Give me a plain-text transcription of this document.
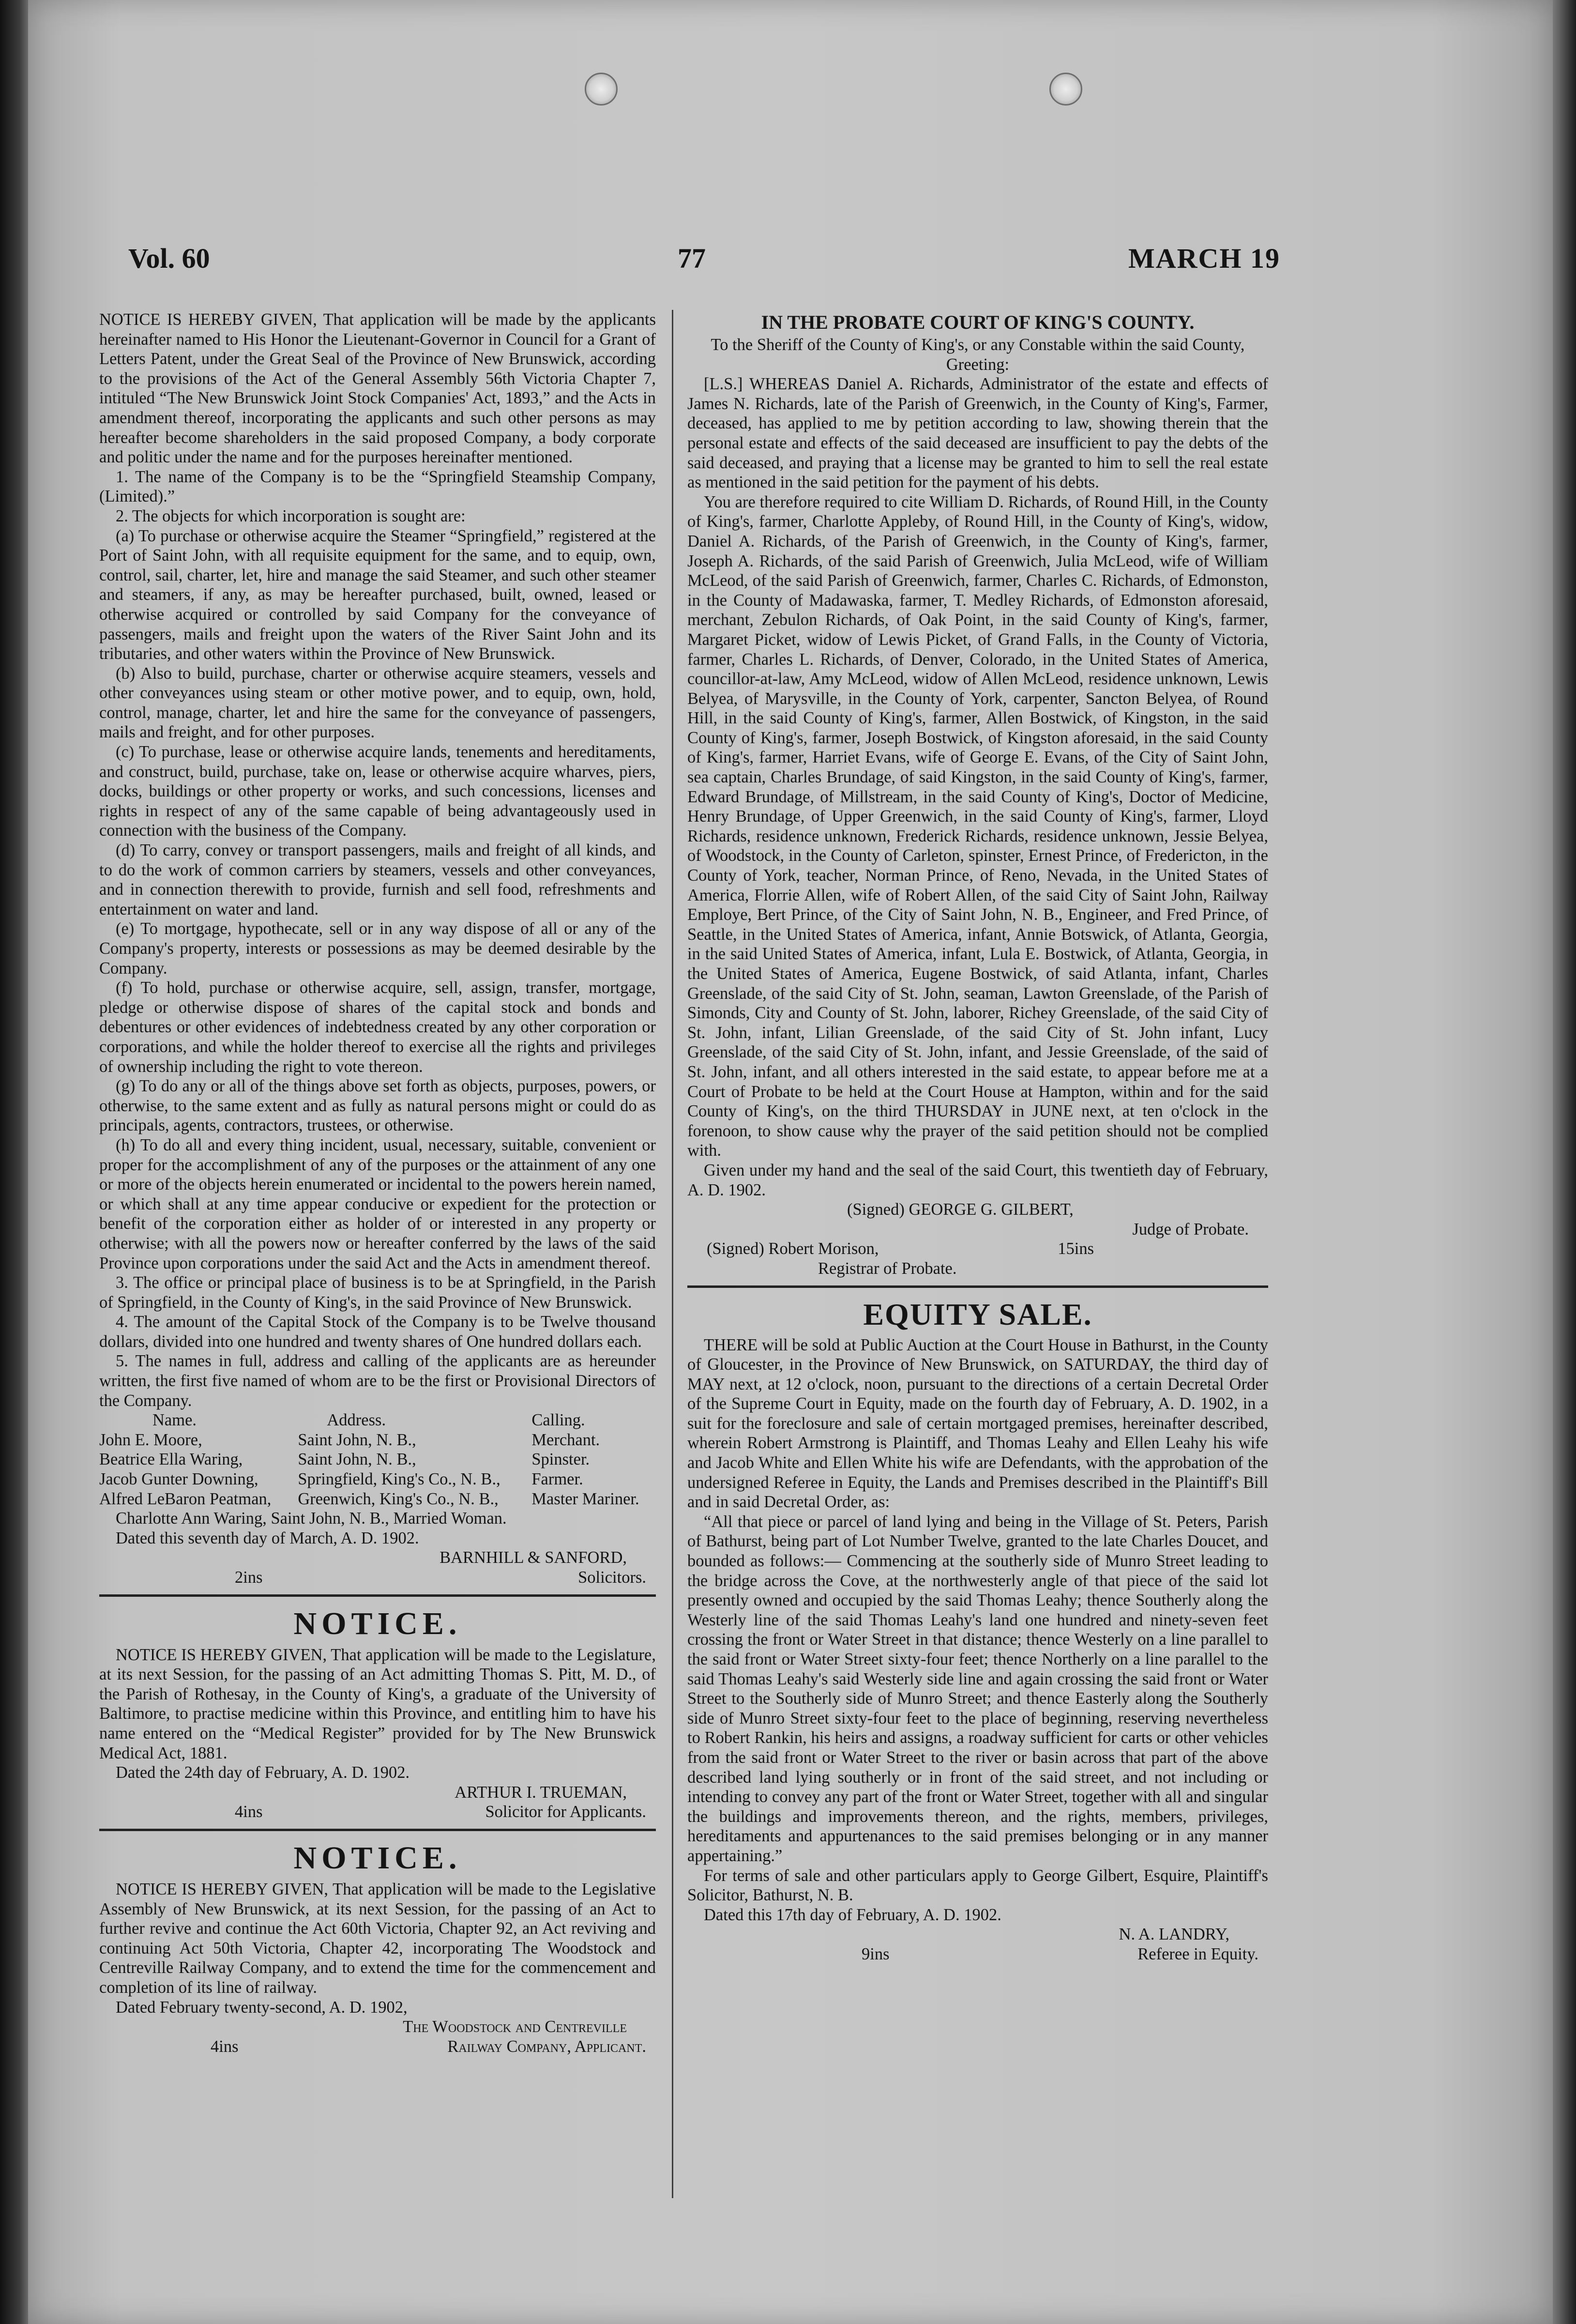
Vol. 60	77	MARCH 19

NOTICE IS HEREBY GIVEN, That application will be made by the applicants hereinafter named to His Honor the Lieutenant-Governor in Council for a Grant of Letters Patent, under the Great Seal of the Province of New Brunswick, according to the provisions of the Act of the General Assembly 56th Victoria Chapter 7, intituled “The New Brunswick Joint Stock Companies' Act, 1893,” and the Acts in amendment thereof, incorporating the applicants and such other persons as may hereafter become shareholders in the said proposed Company, a body corporate and politic under the name and for the purposes hereinafter mentioned.

1. The name of the Company is to be the “Springfield Steamship Company, (Limited).”

2. The objects for which incorporation is sought are:

(a) To purchase or otherwise acquire the Steamer “Springfield,” registered at the Port of Saint John, with all requisite equipment for the same, and to equip, own, control, sail, charter, let, hire and manage the said Steamer, and such other steamer and steamers, if any, as may be hereafter purchased, built, owned, leased or otherwise acquired or controlled by said Company for the conveyance of passengers, mails and freight upon the waters of the River Saint John and its tributaries, and other waters within the Province of New Brunswick.

(b) Also to build, purchase, charter or otherwise acquire steamers, vessels and other conveyances using steam or other motive power, and to equip, own, hold, control, manage, charter, let and hire the same for the conveyance of passengers, mails and freight, and for other purposes.

(c) To purchase, lease or otherwise acquire lands, tenements and hereditaments, and construct, build, purchase, take on, lease or otherwise acquire wharves, piers, docks, buildings or other property or works, and such concessions, licenses and rights in respect of any of the same capable of being advantageously used in connection with the business of the Company.

(d) To carry, convey or transport passengers, mails and freight of all kinds, and to do the work of common carriers by steamers, vessels and other conveyances, and in connection therewith to provide, furnish and sell food, refreshments and entertainment on water and land.

(e) To mortgage, hypothecate, sell or in any way dispose of all or any of the Company's property, interests or possessions as may be deemed desirable by the Company.

(f) To hold, purchase or otherwise acquire, sell, assign, transfer, mortgage, pledge or otherwise dispose of shares of the capital stock and bonds and debentures or other evidences of indebtedness created by any other corporation or corporations, and while the holder thereof to exercise all the rights and privileges of ownership including the right to vote thereon.

(g) To do any or all of the things above set forth as objects, purposes, powers, or otherwise, to the same extent and as fully as natural persons might or could do as principals, agents, contractors, trustees, or otherwise.

(h) To do all and every thing incident, usual, necessary, suitable, convenient or proper for the accomplishment of any of the purposes or the attainment of any one or more of the objects herein enumerated or incidental to the powers herein named, or which shall at any time appear conducive or expedient for the protection or benefit of the corporation either as holder of or interested in any property or otherwise; with all the powers now or hereafter conferred by the laws of the said Province upon corporations under the said Act and the Acts in amendment thereof.

3. The office or principal place of business is to be at Springfield, in the Parish of Springfield, in the County of King's, in the said Province of New Brunswick.

4. The amount of the Capital Stock of the Company is to be Twelve thousand dollars, divided into one hundred and twenty shares of One hundred dollars each.

5. The names in full, address and calling of the applicants are as hereunder written, the first five named of whom are to be the first or Provisional Directors of the Company.

Name.	Address.	Calling.
John E. Moore,	Saint John, N. B.,	Merchant.
Beatrice Ella Waring,	Saint John, N. B.,	Spinster.
Jacob Gunter Downing,	Springfield, King's Co., N. B.,	Farmer.
Alfred LeBaron Peatman,	Greenwich, King's Co., N. B.,	Master Mariner.

Charlotte Ann Waring, Saint John, N. B., Married Woman.

Dated this seventh day of March, A. D. 1902.

BARNHILL & SANFORD,

2ins	Solicitors.
NOTICE.

NOTICE IS HEREBY GIVEN, That application will be made to the Legislature, at its next Session, for the passing of an Act admitting Thomas S. Pitt, M. D., of the Parish of Rothesay, in the County of King's, a graduate of the University of Baltimore, to practise medicine within this Province, and entitling him to have his name entered on the “Medical Register” provided for by The New Brunswick Medical Act, 1881.

Dated the 24th day of February, A. D. 1902.

ARTHUR I. TRUEMAN,

4ins	Solicitor for Applicants.
NOTICE.

NOTICE IS HEREBY GIVEN, That application will be made to the Legislative Assembly of New Brunswick, at its next Session, for the passing of an Act to further revive and continue the Act 60th Victoria, Chapter 92, an Act reviving and continuing Act 50th Victoria, Chapter 42, incorporating The Woodstock and Centreville Railway Company, and to extend the time for the commencement and completion of its line of railway.

Dated February twenty-second, A. D. 1902,

The Woodstock and Centreville

4ins	Railway Company, Applicant.
IN THE PROBATE COURT OF KING'S COUNTY.

To the Sheriff of the County of King's, or any Constable within the said County, Greeting:

[L.S.] WHEREAS Daniel A. Richards, Administrator of the estate and effects of James N. Richards, late of the Parish of Greenwich, in the County of King's, Farmer, deceased, has applied to me by petition according to law, showing therein that the personal estate and effects of the said deceased are insufficient to pay the debts of the said deceased, and praying that a license may be granted to him to sell the real estate as mentioned in the said petition for the payment of his debts.

You are therefore required to cite William D. Richards, of Round Hill, in the County of King's, farmer, Charlotte Appleby, of Round Hill, in the County of King's, widow, Daniel A. Richards, of the Parish of Greenwich, in the County of King's, farmer, Joseph A. Richards, of the said Parish of Greenwich, Julia McLeod, wife of William McLeod, of the said Parish of Greenwich, farmer, Charles C. Richards, of Edmonston, in the County of Madawaska, farmer, T. Medley Richards, of Edmonston aforesaid, merchant, Zebulon Richards, of Oak Point, in the said County of King's, farmer, Margaret Picket, widow of Lewis Picket, of Grand Falls, in the County of Victoria, farmer, Charles L. Richards, of Denver, Colorado, in the United States of America, councillor-at-law, Amy McLeod, widow of Allen McLeod, residence unknown, Lewis Belyea, of Marysville, in the County of York, carpenter, Sancton Belyea, of Round Hill, in the said County of King's, farmer, Allen Bostwick, of Kingston, in the said County of King's, farmer, Joseph Bostwick, of Kingston aforesaid, in the said County of King's, farmer, Harriet Evans, wife of George E. Evans, of the City of Saint John, sea captain, Charles Brundage, of said Kingston, in the said County of King's, farmer, Edward Brundage, of Millstream, in the said County of King's, Doctor of Medicine, Henry Brundage, of Upper Greenwich, in the said County of King's, farmer, Lloyd Richards, residence unknown, Frederick Richards, residence unknown, Jessie Belyea, of Woodstock, in the County of Carleton, spinster, Ernest Prince, of Fredericton, in the County of York, teacher, Norman Prince, of Reno, Nevada, in the United States of America, Florrie Allen, wife of Robert Allen, of the said City of Saint John, Railway Employe, Bert Prince, of the City of Saint John, N. B., Engineer, and Fred Prince, of Seattle, in the United States of America, infant, Annie Botswick, of Atlanta, Georgia, in the said United States of America, infant, Lula E. Bostwick, of Atlanta, Georgia, in the United States of America, Eugene Bostwick, of said Atlanta, infant, Charles Greenslade, of the said City of St. John, seaman, Lawton Greenslade, of the Parish of Simonds, City and County of St. John, laborer, Richey Greenslade, of the said City of St. John, infant, Lilian Greenslade, of the said City of St. John infant, Lucy Greenslade, of the said City of St. John, infant, and Jessie Greenslade, of the said of St. John, infant, and all others interested in the said estate, to appear before me at a Court of Probate to be held at the Court House at Hampton, within and for the said County of King's, on the third THURSDAY in JUNE next, at ten o'clock in the forenoon, to show cause why the prayer of the said petition should not be complied with.

Given under my hand and the seal of the said Court, this twentieth day of February, A. D. 1902.

(Signed) GEORGE G. GILBERT,

Judge of Probate.

(Signed) Robert Morison,	15ins

Registrar of Probate.

EQUITY SALE.

THERE will be sold at Public Auction at the Court House in Bathurst, in the County of Gloucester, in the Province of New Brunswick, on SATURDAY, the third day of MAY next, at 12 o'clock, noon, pursuant to the directions of a certain Decretal Order of the Supreme Court in Equity, made on the fourth day of February, A. D. 1902, in a suit for the foreclosure and sale of certain mortgaged premises, hereinafter described, wherein Robert Armstrong is Plaintiff, and Thomas Leahy and Ellen Leahy his wife and Jacob White and Ellen White his wife are Defendants, with the approbation of the undersigned Referee in Equity, the Lands and Premises described in the Plaintiff's Bill and in said Decretal Order, as:

“All that piece or parcel of land lying and being in the Village of St. Peters, Parish of Bathurst, being part of Lot Number Twelve, granted to the late Charles Doucet, and bounded as follows:— Commencing at the southerly side of Munro Street leading to the bridge across the Cove, at the northwesterly angle of that piece of the said lot presently owned and occupied by the said Thomas Leahy; thence Southerly along the Westerly line of the said Thomas Leahy's land one hundred and ninety-seven feet crossing the front or Water Street in that distance; thence Westerly on a line parallel to the said front or Water Street sixty-four feet; thence Northerly on a line parallel to the said Thomas Leahy's said Westerly side line and again crossing the said front or Water Street to the Southerly side of Munro Street; and thence Easterly along the Southerly side of Munro Street sixty-four feet to the place of beginning, reserving nevertheless to Robert Rankin, his heirs and assigns, a roadway sufficient for carts or other vehicles from the said front or Water Street to the river or basin across that part of the above described land lying southerly or in front of the said street, and not including or intending to convey any part of the front or Water Street, together with all and singular the buildings and improvements thereon, and the rights, members, privileges, hereditaments and appurtenances to the said premises belonging or in any manner appertaining.”

For terms of sale and other particulars apply to George Gilbert, Esquire, Plaintiff's Solicitor, Bathurst, N. B.

Dated this 17th day of February, A. D. 1902.

N. A. LANDRY,

9ins	Referee in Equity.
